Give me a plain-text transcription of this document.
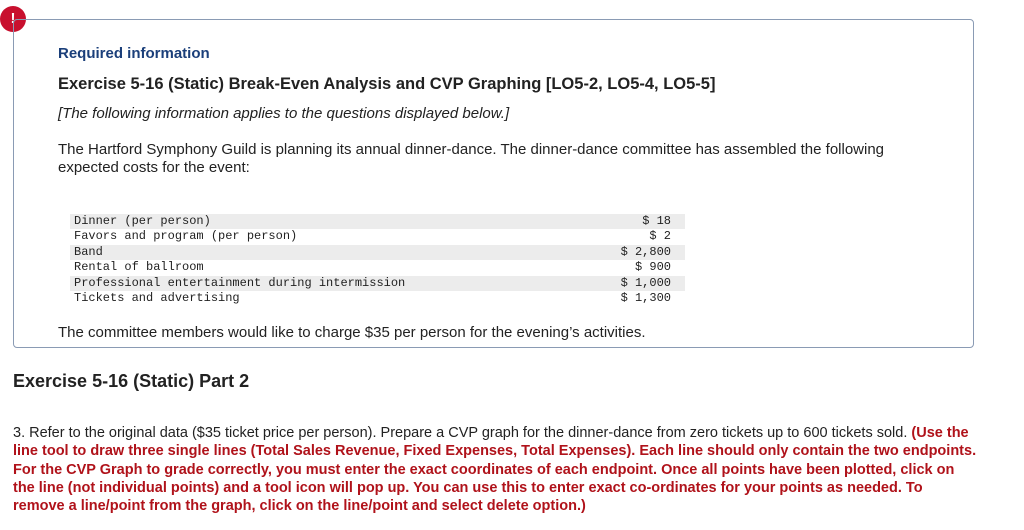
!
Required information
Exercise 5-16 (Static) Break-Even Analysis and CVP Graphing [LO5-2, LO5-4, LO5-5]
[The following information applies to the questions displayed below.]
The Hartford Symphony Guild is planning its annual dinner-dance. The dinner-dance committee has assembled the following expected costs for the event:
Dinner (per person)	$ 18
Favors and program (per person)	$ 2
Band	$ 2,800
Rental of ballroom	$ 900
Professional entertainment during intermission	$ 1,000
Tickets and advertising	$ 1,300
The committee members would like to charge $35 per person for the evening’s activities.
Exercise 5-16 (Static) Part 2
3. Refer to the original data ($35 ticket price per person). Prepare a CVP graph for the dinner-dance from zero tickets up to 600 tickets sold. (Use the line tool to draw three single lines (Total Sales Revenue, Fixed Expenses, Total Expenses). Each line should only contain the two endpoints. For the CVP Graph to grade correctly, you must enter the exact coordinates of each endpoint. Once all points have been plotted, click on the line (not individual points) and a tool icon will pop up. You can use this to enter exact co-ordinates for your points as needed. To remove a line/point from the graph, click on the line/point and select delete option.)
